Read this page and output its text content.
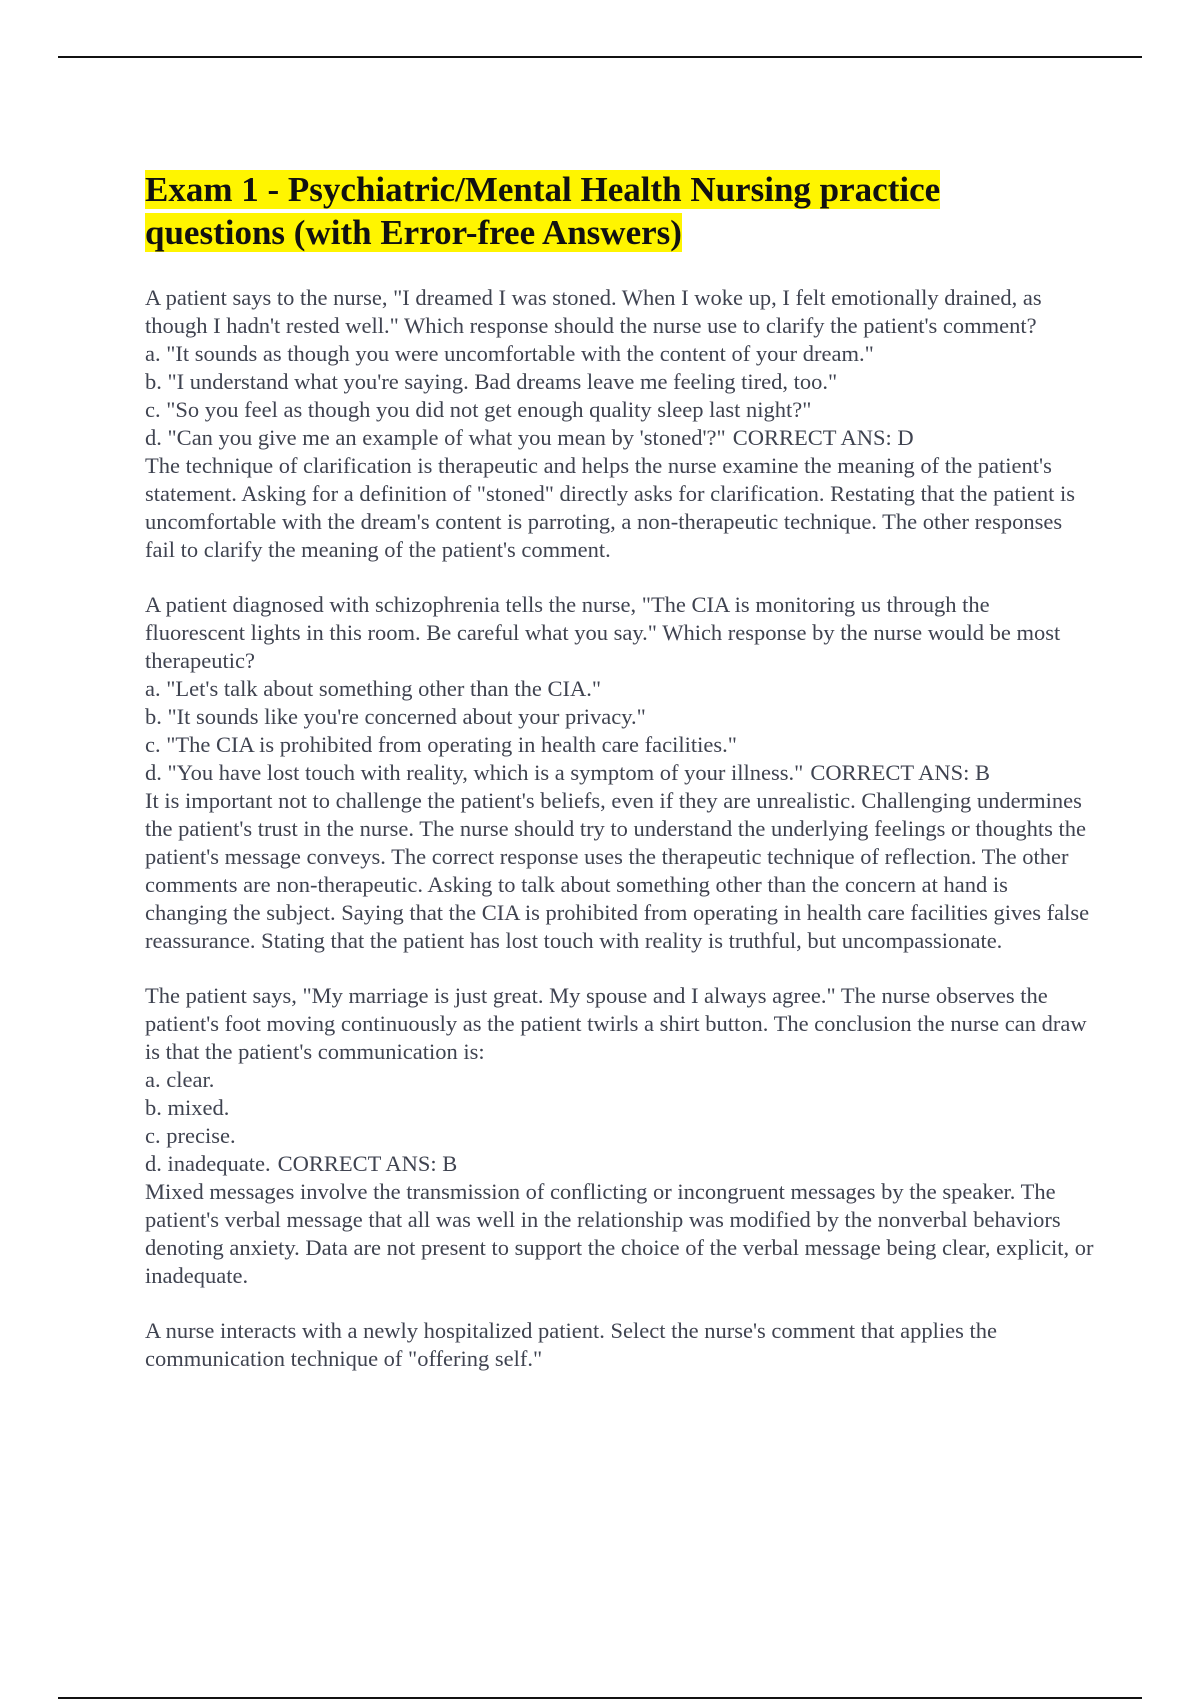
Exam 1 - Psychiatric/Mental Health Nursing practice
questions (with Error-free Answers)

A patient says to the nurse, "I dreamed I was stoned. When I woke up, I felt emotionally drained, as though I hadn't rested well." Which response should the nurse use to clarify the patient's comment?

a. "It sounds as though you were uncomfortable with the content of your dream."
b. "I understand what you're saying. Bad dreams leave me feeling tired, too."
c. "So you feel as though you did not get enough quality sleep last night?"
d. "Can you give me an example of what you mean by 'stoned'?" CORRECT ANS: D

The technique of clarification is therapeutic and helps the nurse examine the meaning of the patient's statement. Asking for a definition of "stoned" directly asks for clarification. Restating that the patient is uncomfortable with the dream's content is parroting, a non-therapeutic technique. The other responses fail to clarify the meaning of the patient's comment.

A patient diagnosed with schizophrenia tells the nurse, "The CIA is monitoring us through the fluorescent lights in this room. Be careful what you say." Which response by the nurse would be most therapeutic?

a. "Let's talk about something other than the CIA."
b. "It sounds like you're concerned about your privacy."
c. "The CIA is prohibited from operating in health care facilities."
d. "You have lost touch with reality, which is a symptom of your illness." CORRECT ANS: B

It is important not to challenge the patient's beliefs, even if they are unrealistic. Challenging undermines the patient's trust in the nurse. The nurse should try to understand the underlying feelings or thoughts the patient's message conveys. The correct response uses the therapeutic technique of reflection. The other comments are non-therapeutic. Asking to talk about something other than the concern at hand is changing the subject. Saying that the CIA is prohibited from operating in health care facilities gives false reassurance. Stating that the patient has lost touch with reality is truthful, but uncompassionate.

The patient says, "My marriage is just great. My spouse and I always agree." The nurse observes the patient's foot moving continuously as the patient twirls a shirt button. The conclusion the nurse can draw is that the patient's communication is:

a. clear.
b. mixed.
c. precise.
d. inadequate. CORRECT ANS: B

Mixed messages involve the transmission of conflicting or incongruent messages by the speaker. The patient's verbal message that all was well in the relationship was modified by the nonverbal behaviors denoting anxiety. Data are not present to support the choice of the verbal message being clear, explicit, or inadequate.

A nurse interacts with a newly hospitalized patient. Select the nurse's comment that applies the communication technique of "offering self."
